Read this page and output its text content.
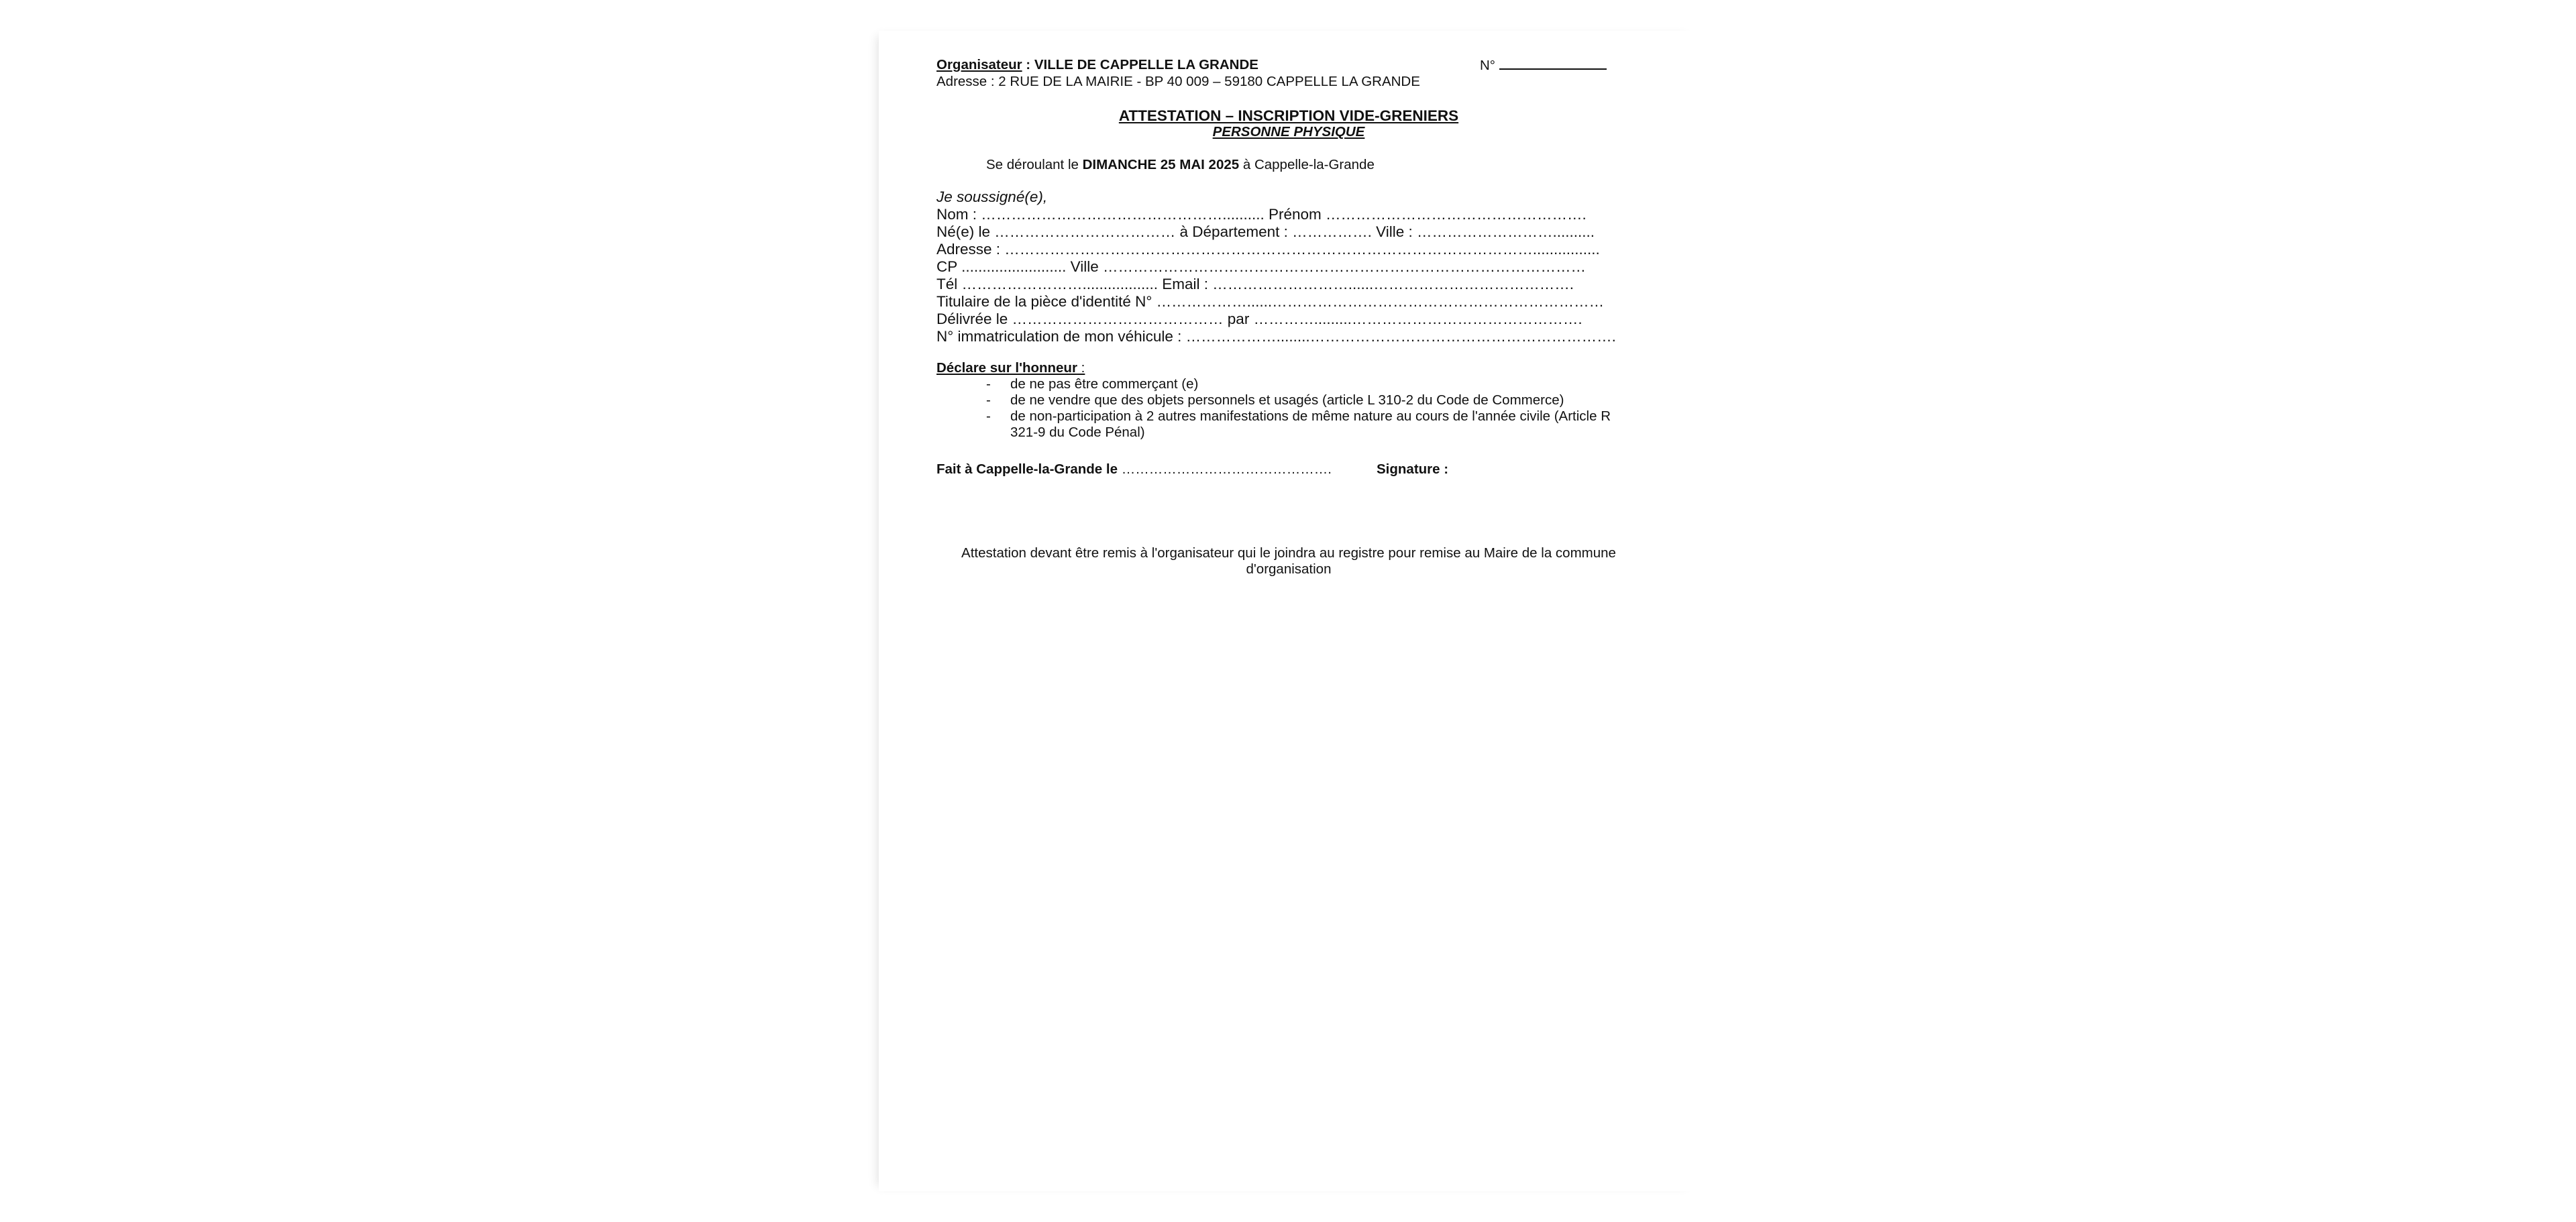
Organisateur : VILLE DE CAPPELLE LA GRANDE	N°
Adresse : 2 RUE DE LA MAIRIE - BP 40 009 – 59180 CAPPELLE LA GRANDE
ATTESTATION – INSCRIPTION VIDE-GRENIERS
PERSONNE PHYSIQUE
Se déroulant le DIMANCHE 25 MAI 2025 à Cappelle-la-Grande
Je soussigné(e),
Nom : ………………………………………….......... Prénom …………………………………………….
Né(e) le ……………………………… à Département : ……………. Ville : ………………………..........
Adresse : ……………………………………………………………………………………………................
CP ......................... Ville ……………………………………………………………………………………
Tél …………………….................. Email : ………………………......………………………………….
Titulaire de la pièce d'identité N° ………………......…………………………………………………………
Délivrée le …………………………………… par ………….........……………………………………….
N° immatriculation de mon véhicule : ………………........…………………………………………………….
Déclare sur l'honneur :
- de ne pas être commerçant (e)
- de ne vendre que des objets personnels et usagés (article L 310-2 du Code de Commerce)
- de non-participation à 2 autres manifestations de même nature au cours de l'année civile (Article R 321-9 du Code Pénal)
Fait à Cappelle-la-Grande le ……………………………………….	Signature :
Attestation devant être remis à l'organisateur qui le joindra au registre pour remise au Maire de la commune d'organisation
